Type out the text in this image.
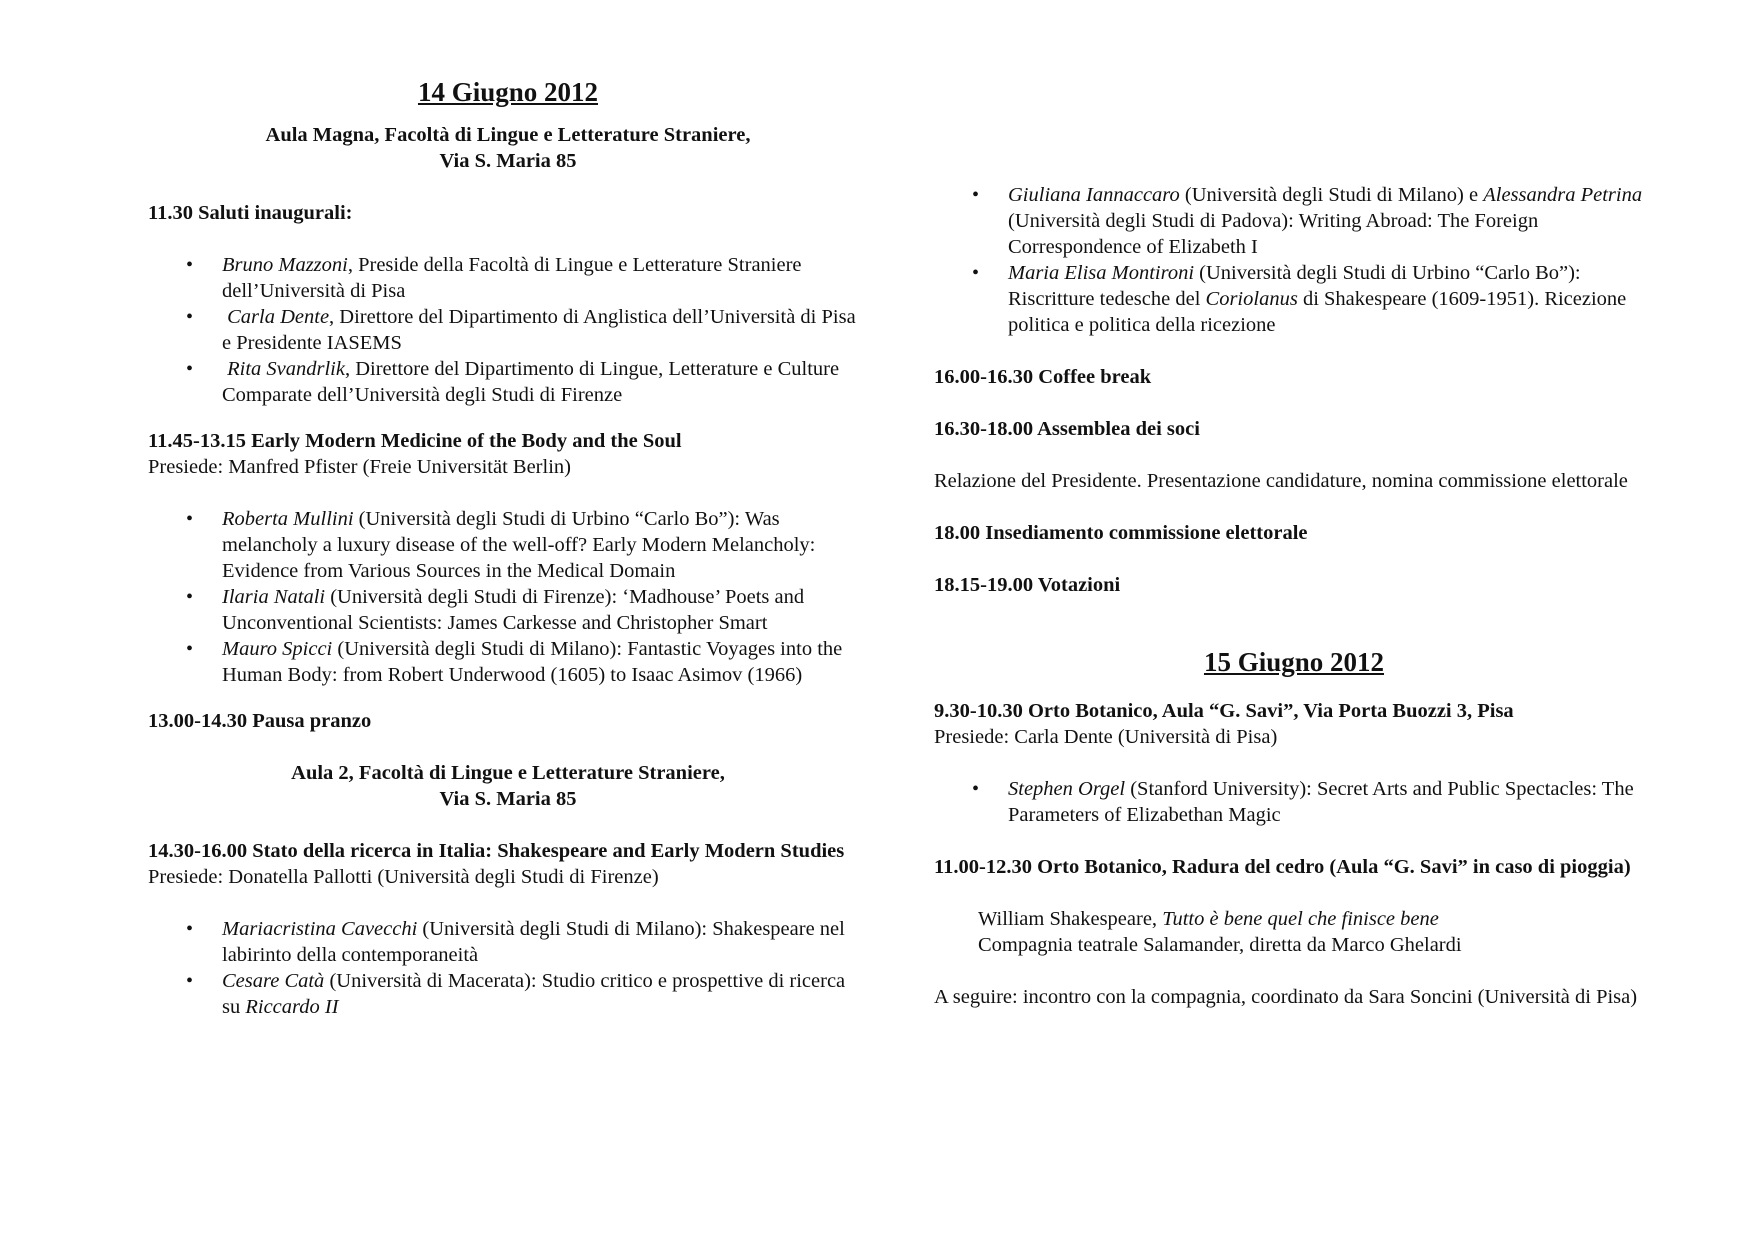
14 Giugno 2012

Aula Magna, Facoltà di Lingue e Letterature Straniere,
Via S. Maria 85

11.30 Saluti inaugurali:

• Bruno Mazzoni, Preside della Facoltà di Lingue e Letterature Straniere dell’Università di Pisa
• Carla Dente, Direttore del Dipartimento di Anglistica dell’Università di Pisa e Presidente IASEMS
• Rita Svandrlik, Direttore del Dipartimento di Lingue, Letterature e Culture Comparate dell’Università degli Studi di Firenze

11.45-13.15 Early Modern Medicine of the Body and the Soul

Presiede: Manfred Pfister (Freie Universität Berlin)

• Roberta Mullini (Università degli Studi di Urbino “Carlo Bo”): Was melancholy a luxury disease of the well-off? Early Modern Melancholy: Evidence from Various Sources in the Medical Domain
• Ilaria Natali (Università degli Studi di Firenze): ‘Madhouse’ Poets and Unconventional Scientists: James Carkesse and Christopher Smart
• Mauro Spicci (Università degli Studi di Milano): Fantastic Voyages into the Human Body: from Robert Underwood (1605) to Isaac Asimov (1966)

13.00-14.30 Pausa pranzo

Aula 2, Facoltà di Lingue e Letterature Straniere,
Via S. Maria 85

14.30-16.00 Stato della ricerca in Italia: Shakespeare and Early Modern Studies

Presiede: Donatella Pallotti (Università degli Studi di Firenze)

• Mariacristina Cavecchi (Università degli Studi di Milano): Shakespeare nel labirinto della contemporaneità
• Cesare Catà (Università di Macerata): Studio critico e prospettive di ricerca su Riccardo II
• Giuliana Iannaccaro (Università degli Studi di Milano) e Alessandra Petrina (Università degli Studi di Padova): Writing Abroad: The Foreign Correspondence of Elizabeth I
• Maria Elisa Montironi (Università degli Studi di Urbino “Carlo Bo”): Riscritture tedesche del Coriolanus di Shakespeare (1609-1951). Ricezione politica e politica della ricezione

16.00-16.30 Coffee break

16.30-18.00 Assemblea dei soci

Relazione del Presidente. Presentazione candidature, nomina commissione elettorale

18.00 Insediamento commissione elettorale

18.15-19.00 Votazioni

15 Giugno 2012

9.30-10.30 Orto Botanico, Aula “G. Savi”, Via Porta Buozzi 3, Pisa

Presiede: Carla Dente (Università di Pisa)

• Stephen Orgel (Stanford University): Secret Arts and Public Spectacles: The Parameters of Elizabethan Magic

11.00-12.30 Orto Botanico, Radura del cedro (Aula “G. Savi” in caso di pioggia)

William Shakespeare, Tutto è bene quel che finisce bene

Compagnia teatrale Salamander, diretta da Marco Ghelardi

A seguire: incontro con la compagnia, coordinato da Sara Soncini (Università di Pisa)
